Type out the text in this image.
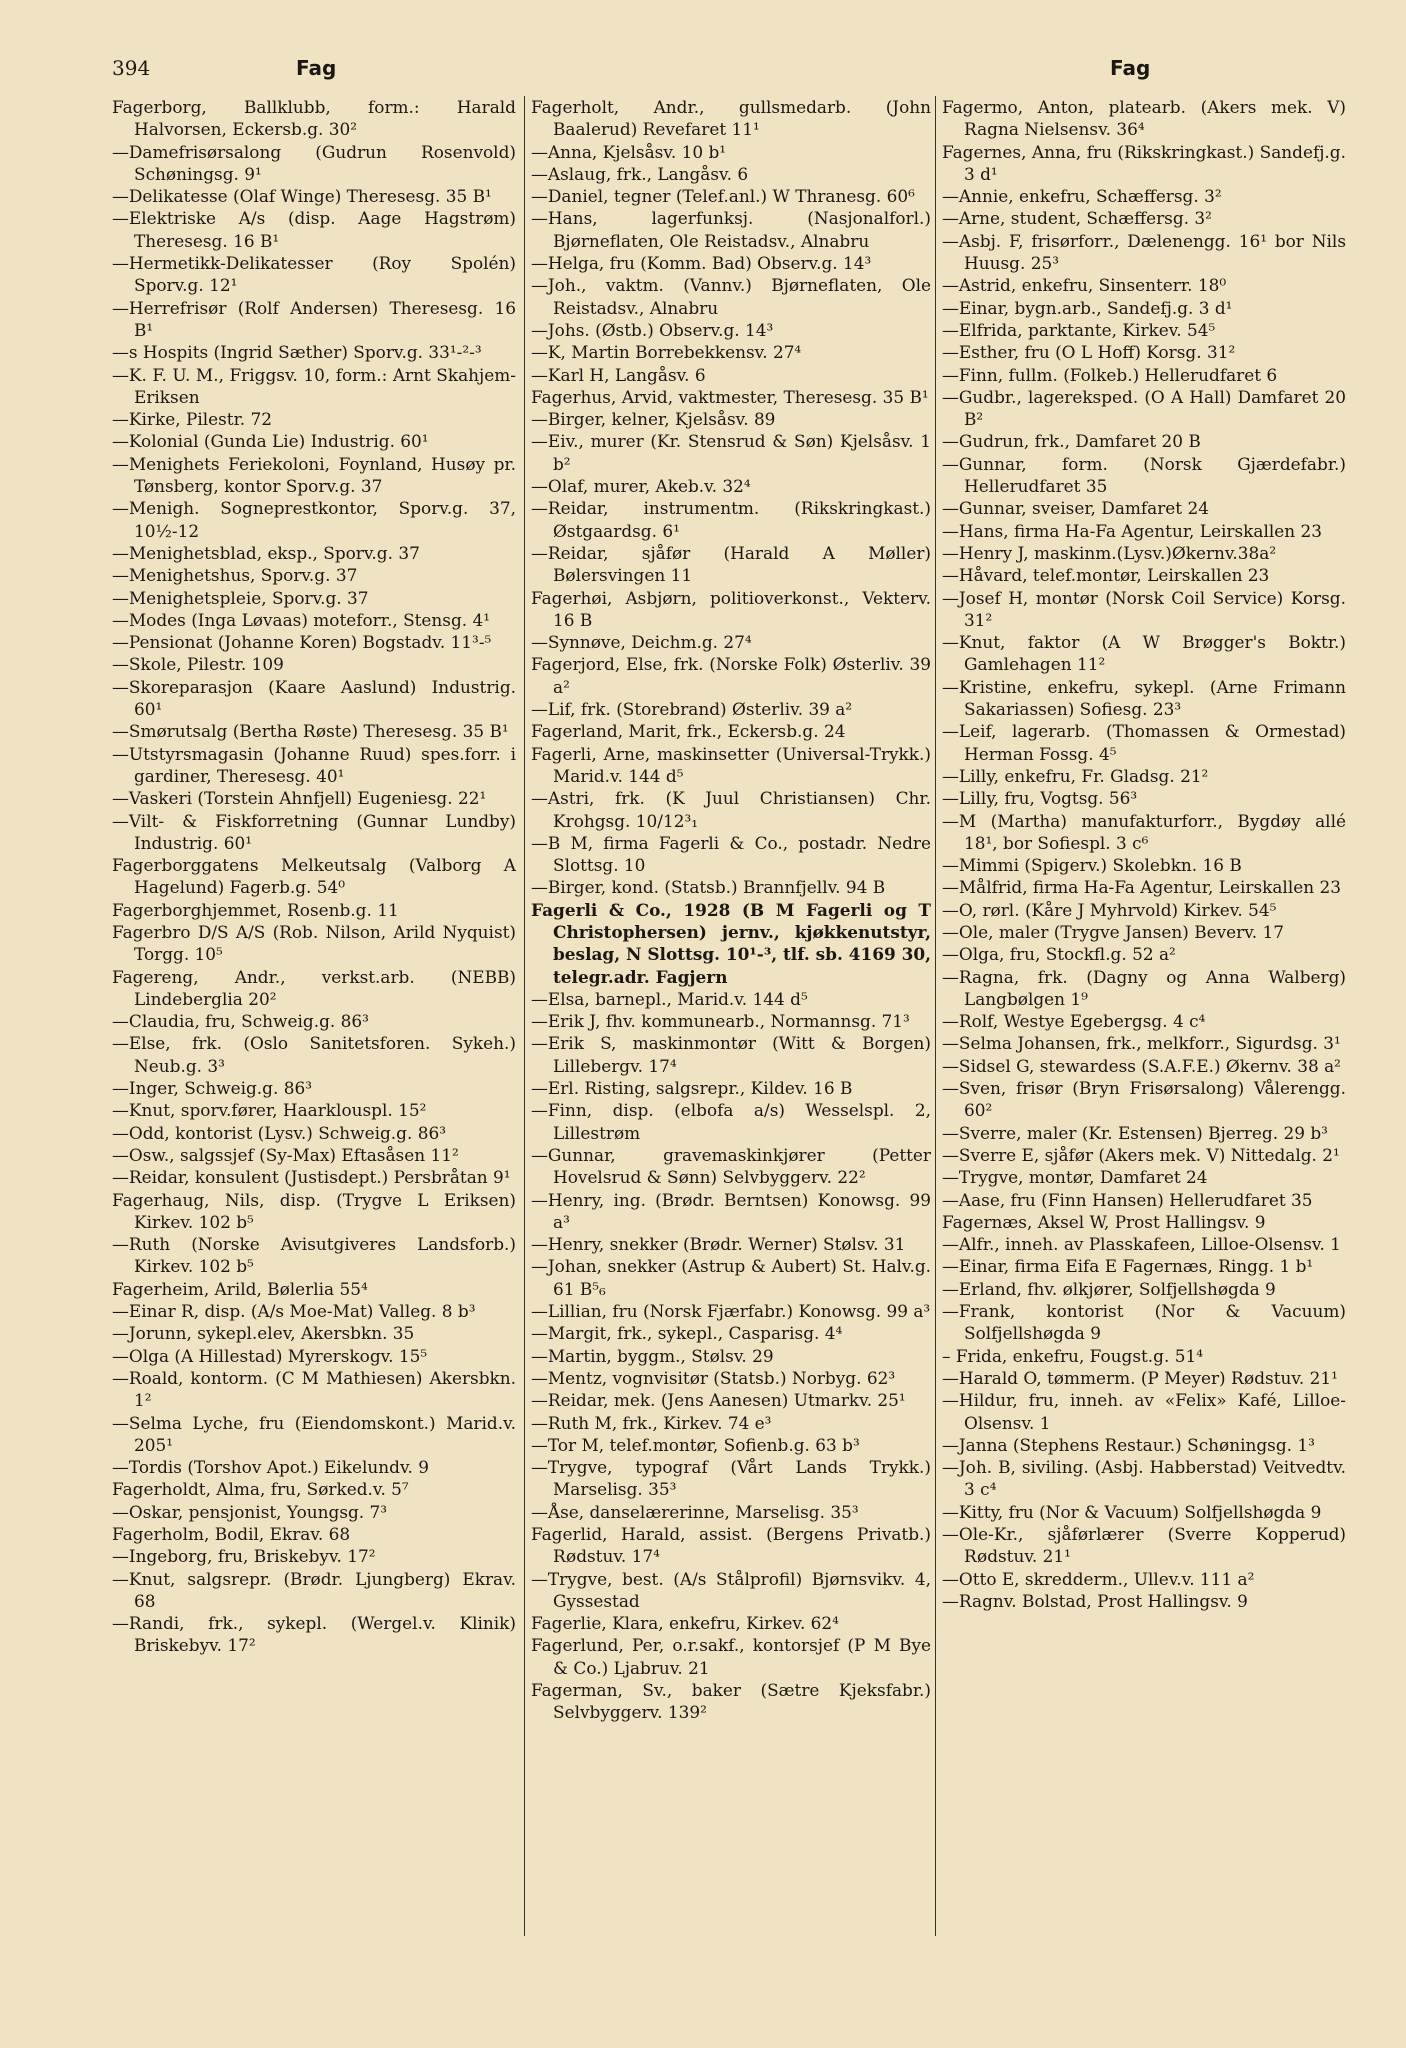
394	Fag	Fag

Fagerborg, Ballklubb, form.: Harald Halvorsen, Eckersb.g. 30²

—Damefrisørsalong (Gudrun Rosenvold) Schøningsg. 9¹

—Delikatesse (Olaf Winge) Theresesg. 35 B¹

—Elektriske A/s (disp. Aage Hagstrøm) Theresesg. 16 B¹

—Hermetikk-Delikatesser (Roy Spolén) Sporv.g. 12¹

—Herrefrisør (Rolf Andersen) Theresesg. 16 B¹

—s Hospits (Ingrid Sæther) Sporv.g. 33¹-²-³

—K. F. U. M., Friggsv. 10, form.: Arnt Skahjem-Eriksen

—Kirke, Pilestr. 72

—Kolonial (Gunda Lie) Industrig. 60¹

—Menighets Feriekoloni, Foynland, Husøy pr. Tønsberg, kontor Sporv.g. 37

—Menigh. Sogneprestkontor, Sporv.g. 37, 10½-12

—Menighetsblad, eksp., Sporv.g. 37

—Menighetshus, Sporv.g. 37

—Menighetspleie, Sporv.g. 37

—Modes (Inga Løvaas) moteforr., Stensg. 4¹

—Pensionat (Johanne Koren) Bogstadv. 11³-⁵

—Skole, Pilestr. 109

—Skoreparasjon (Kaare Aaslund) Industrig. 60¹

—Smørutsalg (Bertha Røste) Theresesg. 35 B¹

—Utstyrsmagasin (Johanne Ruud) spes.forr. i gardiner, Theresesg. 40¹

—Vaskeri (Torstein Ahnfjell) Eugeniesg. 22¹

—Vilt- & Fiskforretning (Gunnar Lundby) Industrig. 60¹

Fagerborggatens Melkeutsalg (Valborg A Hagelund) Fagerb.g. 54⁰

Fagerborghjemmet, Rosenb.g. 11

Fagerbro D/S A/S (Rob. Nilson, Arild Nyquist) Torgg. 10⁵

Fagereng, Andr., verkst.arb. (NEBB) Lindeberglia 20²

—Claudia, fru, Schweig.g. 86³

—Else, frk. (Oslo Sanitetsforen. Sykeh.) Neub.g. 3³

—Inger, Schweig.g. 86³

—Knut, sporv.fører, Haarklouspl. 15²

—Odd, kontorist (Lysv.) Schweig.g. 86³

—Osw., salgssjef (Sy-Max) Eftasåsen 11²

—Reidar, konsulent (Justisdept.) Persbråtan 9¹

Fagerhaug, Nils, disp. (Trygve L Eriksen) Kirkev. 102 b⁵

—Ruth (Norske Avisutgiveres Landsforb.) Kirkev. 102 b⁵

Fagerheim, Arild, Bølerlia 55⁴

—Einar R, disp. (A/s Moe-Mat) Valleg. 8 b³

—Jorunn, sykepl.elev, Akersbkn. 35

—Olga (A Hillestad) Myrerskogv. 15⁵

—Roald, kontorm. (C M Mathiesen) Akersbkn. 1²

—Selma Lyche, fru (Eiendomskont.) Marid.v. 205¹

—Tordis (Torshov Apot.) Eikelundv. 9

Fagerholdt, Alma, fru, Sørked.v. 5⁷

—Oskar, pensjonist, Youngsg. 7³

Fagerholm, Bodil, Ekrav. 68

—Ingeborg, fru, Briskebyv. 17²

—Knut, salgsrepr. (Brødr. Ljungberg) Ekrav. 68

—Randi, frk., sykepl. (Wergel.v. Klinik) Briskebyv. 17²

Fagerholt, Andr., gullsmedarb. (John Baalerud) Revefaret 11¹

—Anna, Kjelsåsv. 10 b¹

—Aslaug, frk., Langåsv. 6

—Daniel, tegner (Telef.anl.) W Thranesg. 60⁶

—Hans, lagerfunksj. (Nasjonalforl.) Bjørneflaten, Ole Reistadsv., Alnabru

—Helga, fru (Komm. Bad) Observ.g. 14³

—Joh., vaktm. (Vannv.) Bjørneflaten, Ole Reistadsv., Alnabru

—Johs. (Østb.) Observ.g. 14³

—K, Martin Borrebekkensv. 27⁴

—Karl H, Langåsv. 6

Fagerhus, Arvid, vaktmester, Theresesg. 35 B¹

—Birger, kelner, Kjelsåsv. 89

—Eiv., murer (Kr. Stensrud & Søn) Kjelsåsv. 1 b²

—Olaf, murer, Akeb.v. 32⁴

—Reidar, instrumentm. (Rikskringkast.) Østgaardsg. 6¹

—Reidar, sjåfør (Harald A Møller) Bølersvingen 11

Fagerhøi, Asbjørn, politioverkonst., Vekterv. 16 B

—Synnøve, Deichm.g. 27⁴

Fagerjord, Else, frk. (Norske Folk) Østerliv. 39 a²

—Lif, frk. (Storebrand) Østerliv. 39 a²

Fagerland, Marit, frk., Eckersb.g. 24

Fagerli, Arne, maskinsetter (Universal-Trykk.) Marid.v. 144 d⁵

—Astri, frk. (K Juul Christiansen) Chr. Krohgsg. 10/12³₁

—B M, firma Fagerli & Co., postadr. Nedre Slottsg. 10

—Birger, kond. (Statsb.) Brannfjellv. 94 B

Fagerli & Co., 1928 (B M Fagerli og T Christophersen) jernv., kjøkkenutstyr, beslag, N Slottsg. 10¹-³, tlf. sb. 4169 30, telegr.adr. Fagjern

—Elsa, barnepl., Marid.v. 144 d⁵

—Erik J, fhv. kommunearb., Normannsg. 71³

—Erik S, maskinmontør (Witt & Borgen) Lillebergv. 17⁴

—Erl. Risting, salgsrepr., Kildev. 16 B

—Finn, disp. (elbofa a/s) Wesselspl. 2, Lillestrøm

—Gunnar, gravemaskinkjører (Petter Hovelsrud & Sønn) Selvbyggerv. 22²

—Henry, ing. (Brødr. Berntsen) Konowsg. 99 a³

—Henry, snekker (Brødr. Werner) Stølsv. 31

—Johan, snekker (Astrup & Aubert) St. Halv.g. 61 B⁵₆

—Lillian, fru (Norsk Fjærfabr.) Konowsg. 99 a³

—Margit, frk., sykepl., Casparisg. 4⁴

—Martin, byggm., Stølsv. 29

—Mentz, vognvisitør (Statsb.) Norbyg. 62³

—Reidar, mek. (Jens Aanesen) Utmarkv. 25¹

—Ruth M, frk., Kirkev. 74 e³

—Tor M, telef.montør, Sofienb.g. 63 b³

—Trygve, typograf (Vårt Lands Trykk.) Marselisg. 35³

—Åse, danselærerinne, Marselisg. 35³

Fagerlid, Harald, assist. (Bergens Privatb.) Rødstuv. 17⁴

—Trygve, best. (A/s Stålprofil) Bjørnsvikv. 4, Gyssestad

Fagerlie, Klara, enkefru, Kirkev. 62⁴

Fagerlund, Per, o.r.sakf., kontorsjef (P M Bye & Co.) Ljabruv. 21

Fagerman, Sv., baker (Sætre Kjeksfabr.) Selvbyggerv. 139²

Fagermo, Anton, platearb. (Akers mek. V) Ragna Nielsensv. 36⁴

Fagernes, Anna, fru (Rikskringkast.) Sandefj.g. 3 d¹

—Annie, enkefru, Schæffersg. 3²

—Arne, student, Schæffersg. 3²

—Asbj. F, frisørforr., Dælenengg. 16¹ bor Nils Huusg. 25³

—Astrid, enkefru, Sinsenterr. 18⁰

—Einar, bygn.arb., Sandefj.g. 3 d¹

—Elfrida, parktante, Kirkev. 54⁵

—Esther, fru (O L Hoff) Korsg. 31²

—Finn, fullm. (Folkeb.) Hellerudfaret 6

—Gudbr., lagereksped. (O A Hall) Damfaret 20 B²

—Gudrun, frk., Damfaret 20 B

—Gunnar, form. (Norsk Gjærdefabr.) Hellerudfaret 35

—Gunnar, sveiser, Damfaret 24

—Hans, firma Ha-Fa Agentur, Leirskallen 23

—Henry J, maskinm.(Lysv.)Økernv.38a²

—Håvard, telef.montør, Leirskallen 23

—Josef H, montør (Norsk Coil Service) Korsg. 31²

—Knut, faktor (A W Brøgger's Boktr.) Gamlehagen 11²

—Kristine, enkefru, sykepl. (Arne Frimann Sakariassen) Sofiesg. 23³

—Leif, lagerarb. (Thomassen & Ormestad) Herman Fossg. 4⁵

—Lilly, enkefru, Fr. Gladsg. 21²

—Lilly, fru, Vogtsg. 56³

—M (Martha) manufakturforr., Bygdøy allé 18¹, bor Sofiespl. 3 c⁶

—Mimmi (Spigerv.) Skolebkn. 16 B

—Målfrid, firma Ha-Fa Agentur, Leirskallen 23

—O, rørl. (Kåre J Myhrvold) Kirkev. 54⁵

—Ole, maler (Trygve Jansen) Beverv. 17

—Olga, fru, Stockfl.g. 52 a²

—Ragna, frk. (Dagny og Anna Walberg) Langbølgen 1⁹

—Rolf, Westye Egebergsg. 4 c⁴

—Selma Johansen, frk., melkforr., Sigurdsg. 3¹

—Sidsel G, stewardess (S.A.F.E.) Økernv. 38 a²

—Sven, frisør (Bryn Frisørsalong) Vålerengg. 60²

—Sverre, maler (Kr. Estensen) Bjerreg. 29 b³

—Sverre E, sjåfør (Akers mek. V) Nittedalg. 2¹

—Trygve, montør, Damfaret 24

—Aase, fru (Finn Hansen) Hellerudfaret 35

Fagernæs, Aksel W, Prost Hallingsv. 9

—Alfr., inneh. av Plasskafeen, Lilloe-Olsensv. 1

—Einar, firma Eifa E Fagernæs, Ringg. 1 b¹

—Erland, fhv. ølkjører, Solfjellshøgda 9

—Frank, kontorist (Nor & Vacuum) Solfjellshøgda 9

– Frida, enkefru, Fougst.g. 51⁴

—Harald O, tømmerm. (P Meyer) Rødstuv. 21¹

—Hildur, fru, inneh. av «Felix» Kafé, Lilloe-Olsensv. 1

—Janna (Stephens Restaur.) Schøningsg. 1³

—Joh. B, siviling. (Asbj. Habberstad) Veitvedtv. 3 c⁴

—Kitty, fru (Nor & Vacuum) Solfjellshøgda 9

—Ole-Kr., sjåførlærer (Sverre Kopperud) Rødstuv. 21¹

—Otto E, skredderm., Ullev.v. 111 a²

—Ragnv. Bolstad, Prost Hallingsv. 9
